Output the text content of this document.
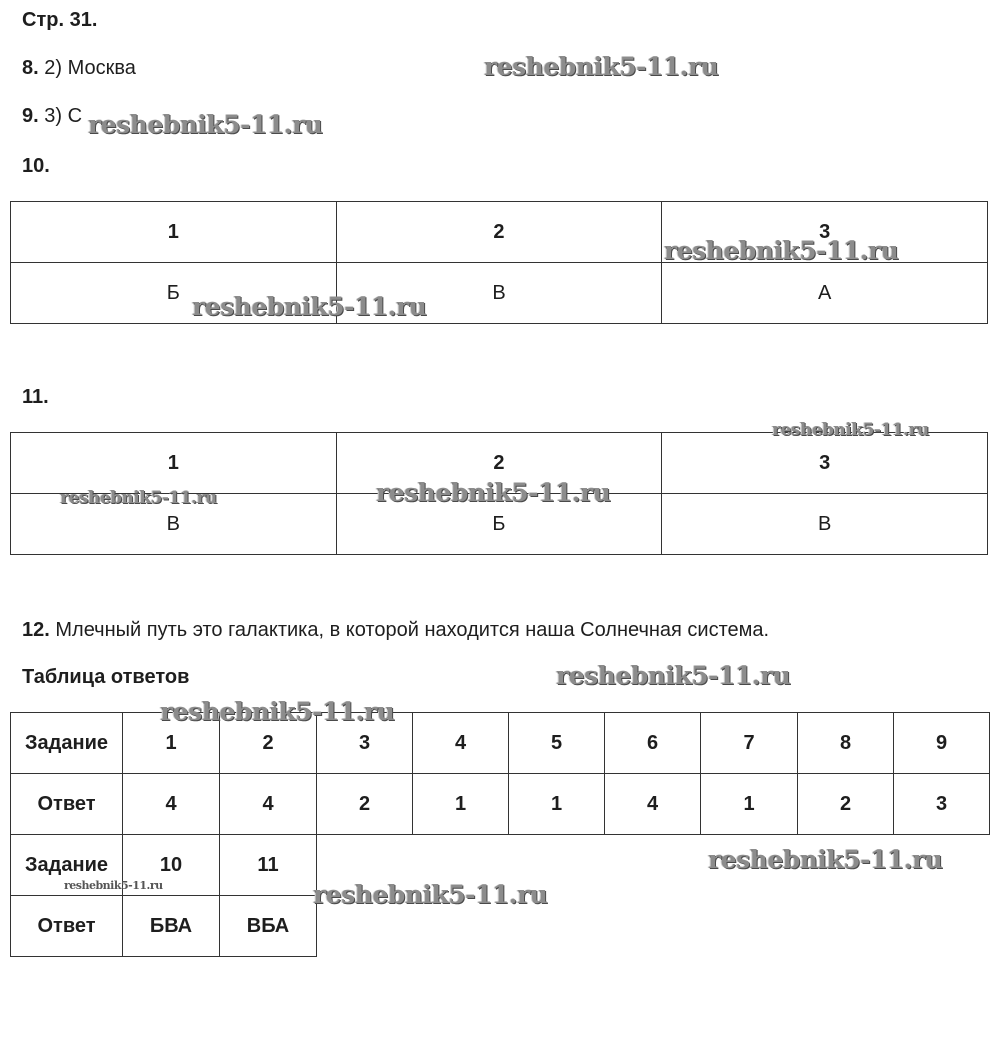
Стр. 31.
8. 2) Москва
9. 3) С
10.
1	2	3
Б	В	А
11.
1	2	3
В	Б	В
12. Млечный путь это галактика, в которой находится наша Солнечная система.
Таблица ответов
Задание	1	2	3	4	5	6	7	8	9
Ответ	4	4	2	1	1	4	1	2	3
Задание	10	11
Ответ	БВА	ВБА
reshebnik5-11.ru
reshebnik5-11.ru
reshebnik5-11.ru
reshebnik5-11.ru
reshebnik5-11.ru
reshebnik5-11.ru	reshebnik5-11.ru
reshebnik5-11.ru
reshebnik5-11.ru
reshebnik5-11.ru
reshebnik5-11.ru	reshebnik5-11.ru
